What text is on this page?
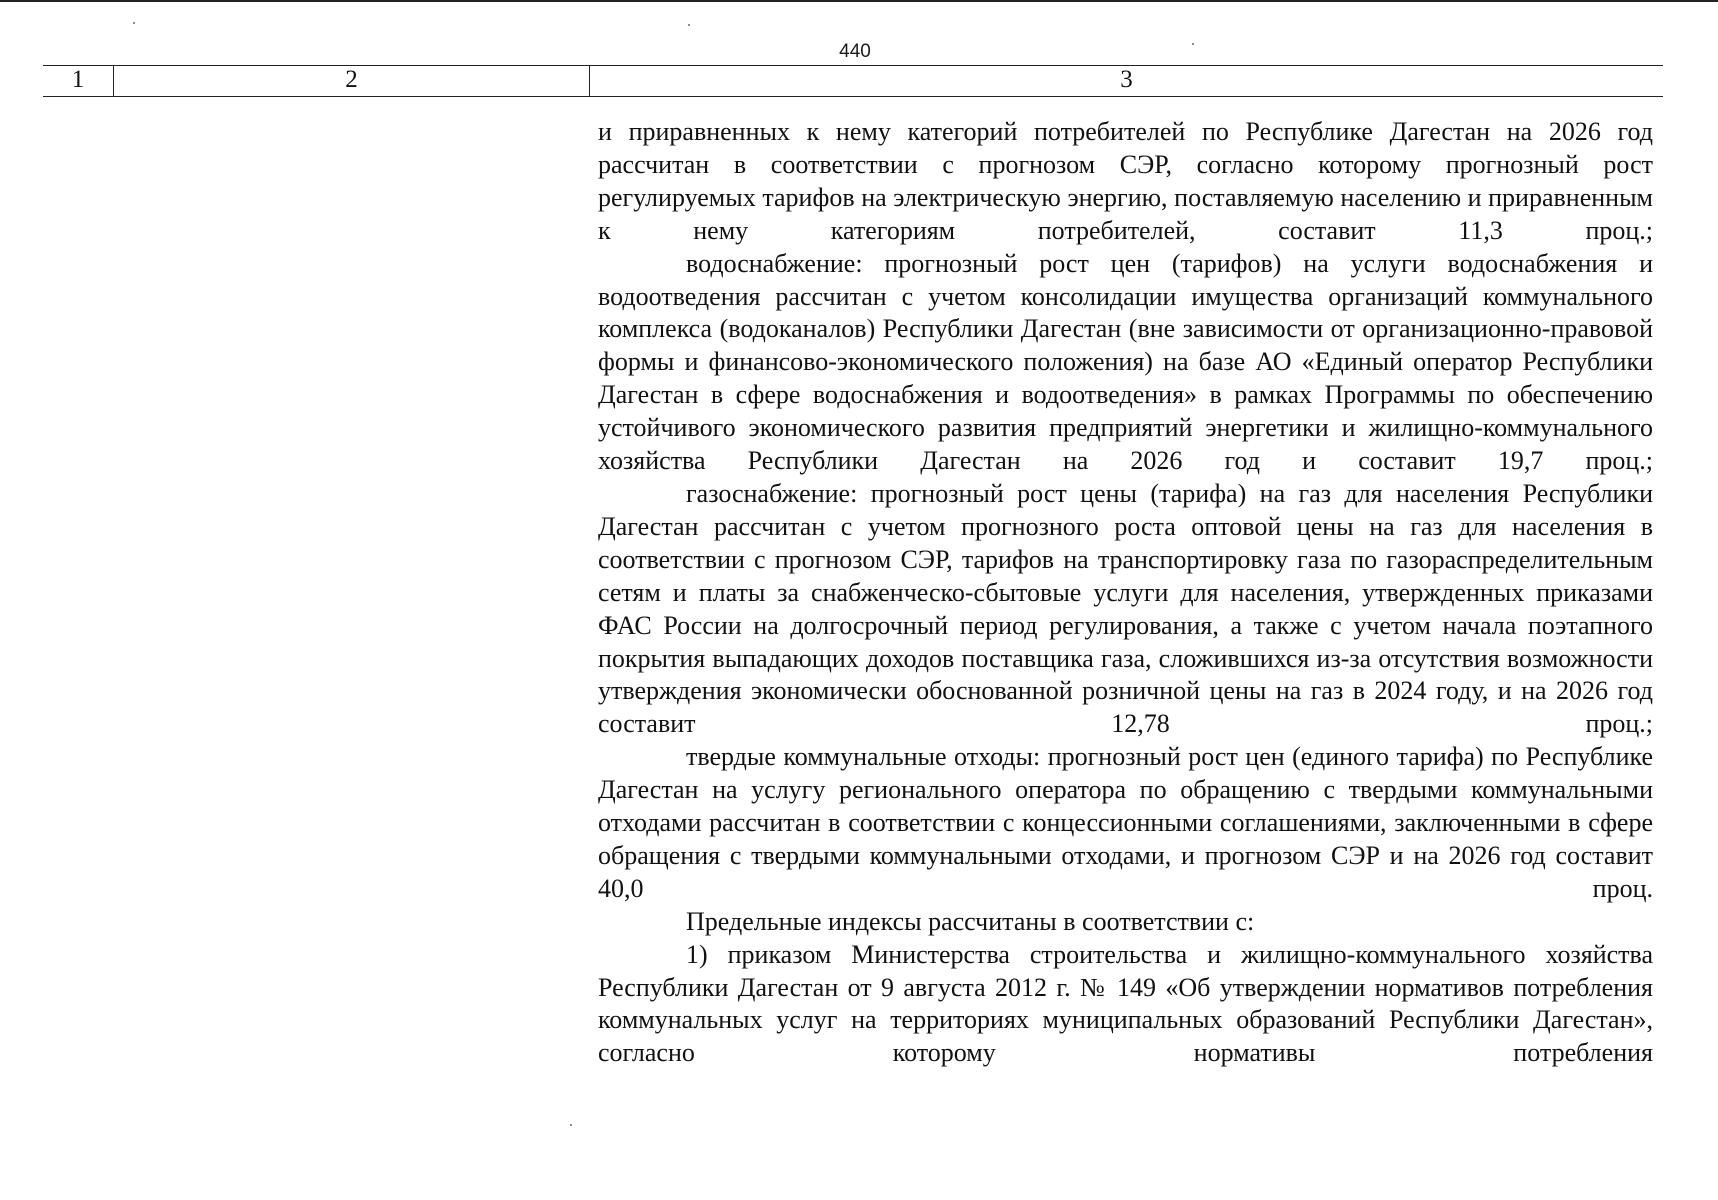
440
1	2	3

и приравненных к нему категорий потребителей по Республике Дагестан на 2026 год рассчитан в соответствии с прогнозом СЭР, согласно которому прогнозный рост регулируемых тарифов на электрическую энергию, поставляемую населению и приравненным к нему категориям потребителей, составит 11,3 проц.;

водоснабжение: прогнозный рост цен (тарифов) на услуги водоснабжения и водоотведения рассчитан с учетом консолидации имущества организаций коммунального комплекса (водоканалов) Республики Дагестан (вне зависимости от организационно-правовой формы и финансово-экономического положения) на базе АО «Единый оператор Республики Дагестан в сфере водоснабжения и водоотведения» в рамках Программы по обеспечению устойчивого экономического развития предприятий энергетики и жилищно-коммунального хозяйства Республики Дагестан на 2026 год и составит 19,7 проц.;

газоснабжение: прогнозный рост цены (тарифа) на газ для населения Республики Дагестан рассчитан с учетом прогнозного роста оптовой цены на газ для населения в соответствии с прогнозом СЭР, тарифов на транспортировку газа по газораспределительным сетям и платы за снабженческо-сбытовые услуги для населения, утвержденных приказами ФАС России на долгосрочный период регулирования, а также с учетом начала поэтапного покрытия выпадающих доходов поставщика газа, сложившихся из-за отсутствия возможности утверждения экономически обоснованной розничной цены на газ в 2024 году, и на 2026 год составит 12,78 проц.;

твердые коммунальные отходы: прогнозный рост цен (единого тарифа) по Республике Дагестан на услугу регионального оператора по обращению с твердыми коммунальными отходами рассчитан в соответствии с концессионными соглашениями, заключенными в сфере обращения с твердыми коммунальными отходами, и прогнозом СЭР и на 2026 год составит 40,0 проц.

Предельные индексы рассчитаны в соответствии с:

1) приказом Министерства строительства и жилищно-коммунального хозяйства Республики Дагестан от 9 августа 2012 г. № 149 «Об утверждении нормативов потребления коммунальных услуг на территориях муниципальных образований Республики Дагестан», согласно которому нормативы потребления
